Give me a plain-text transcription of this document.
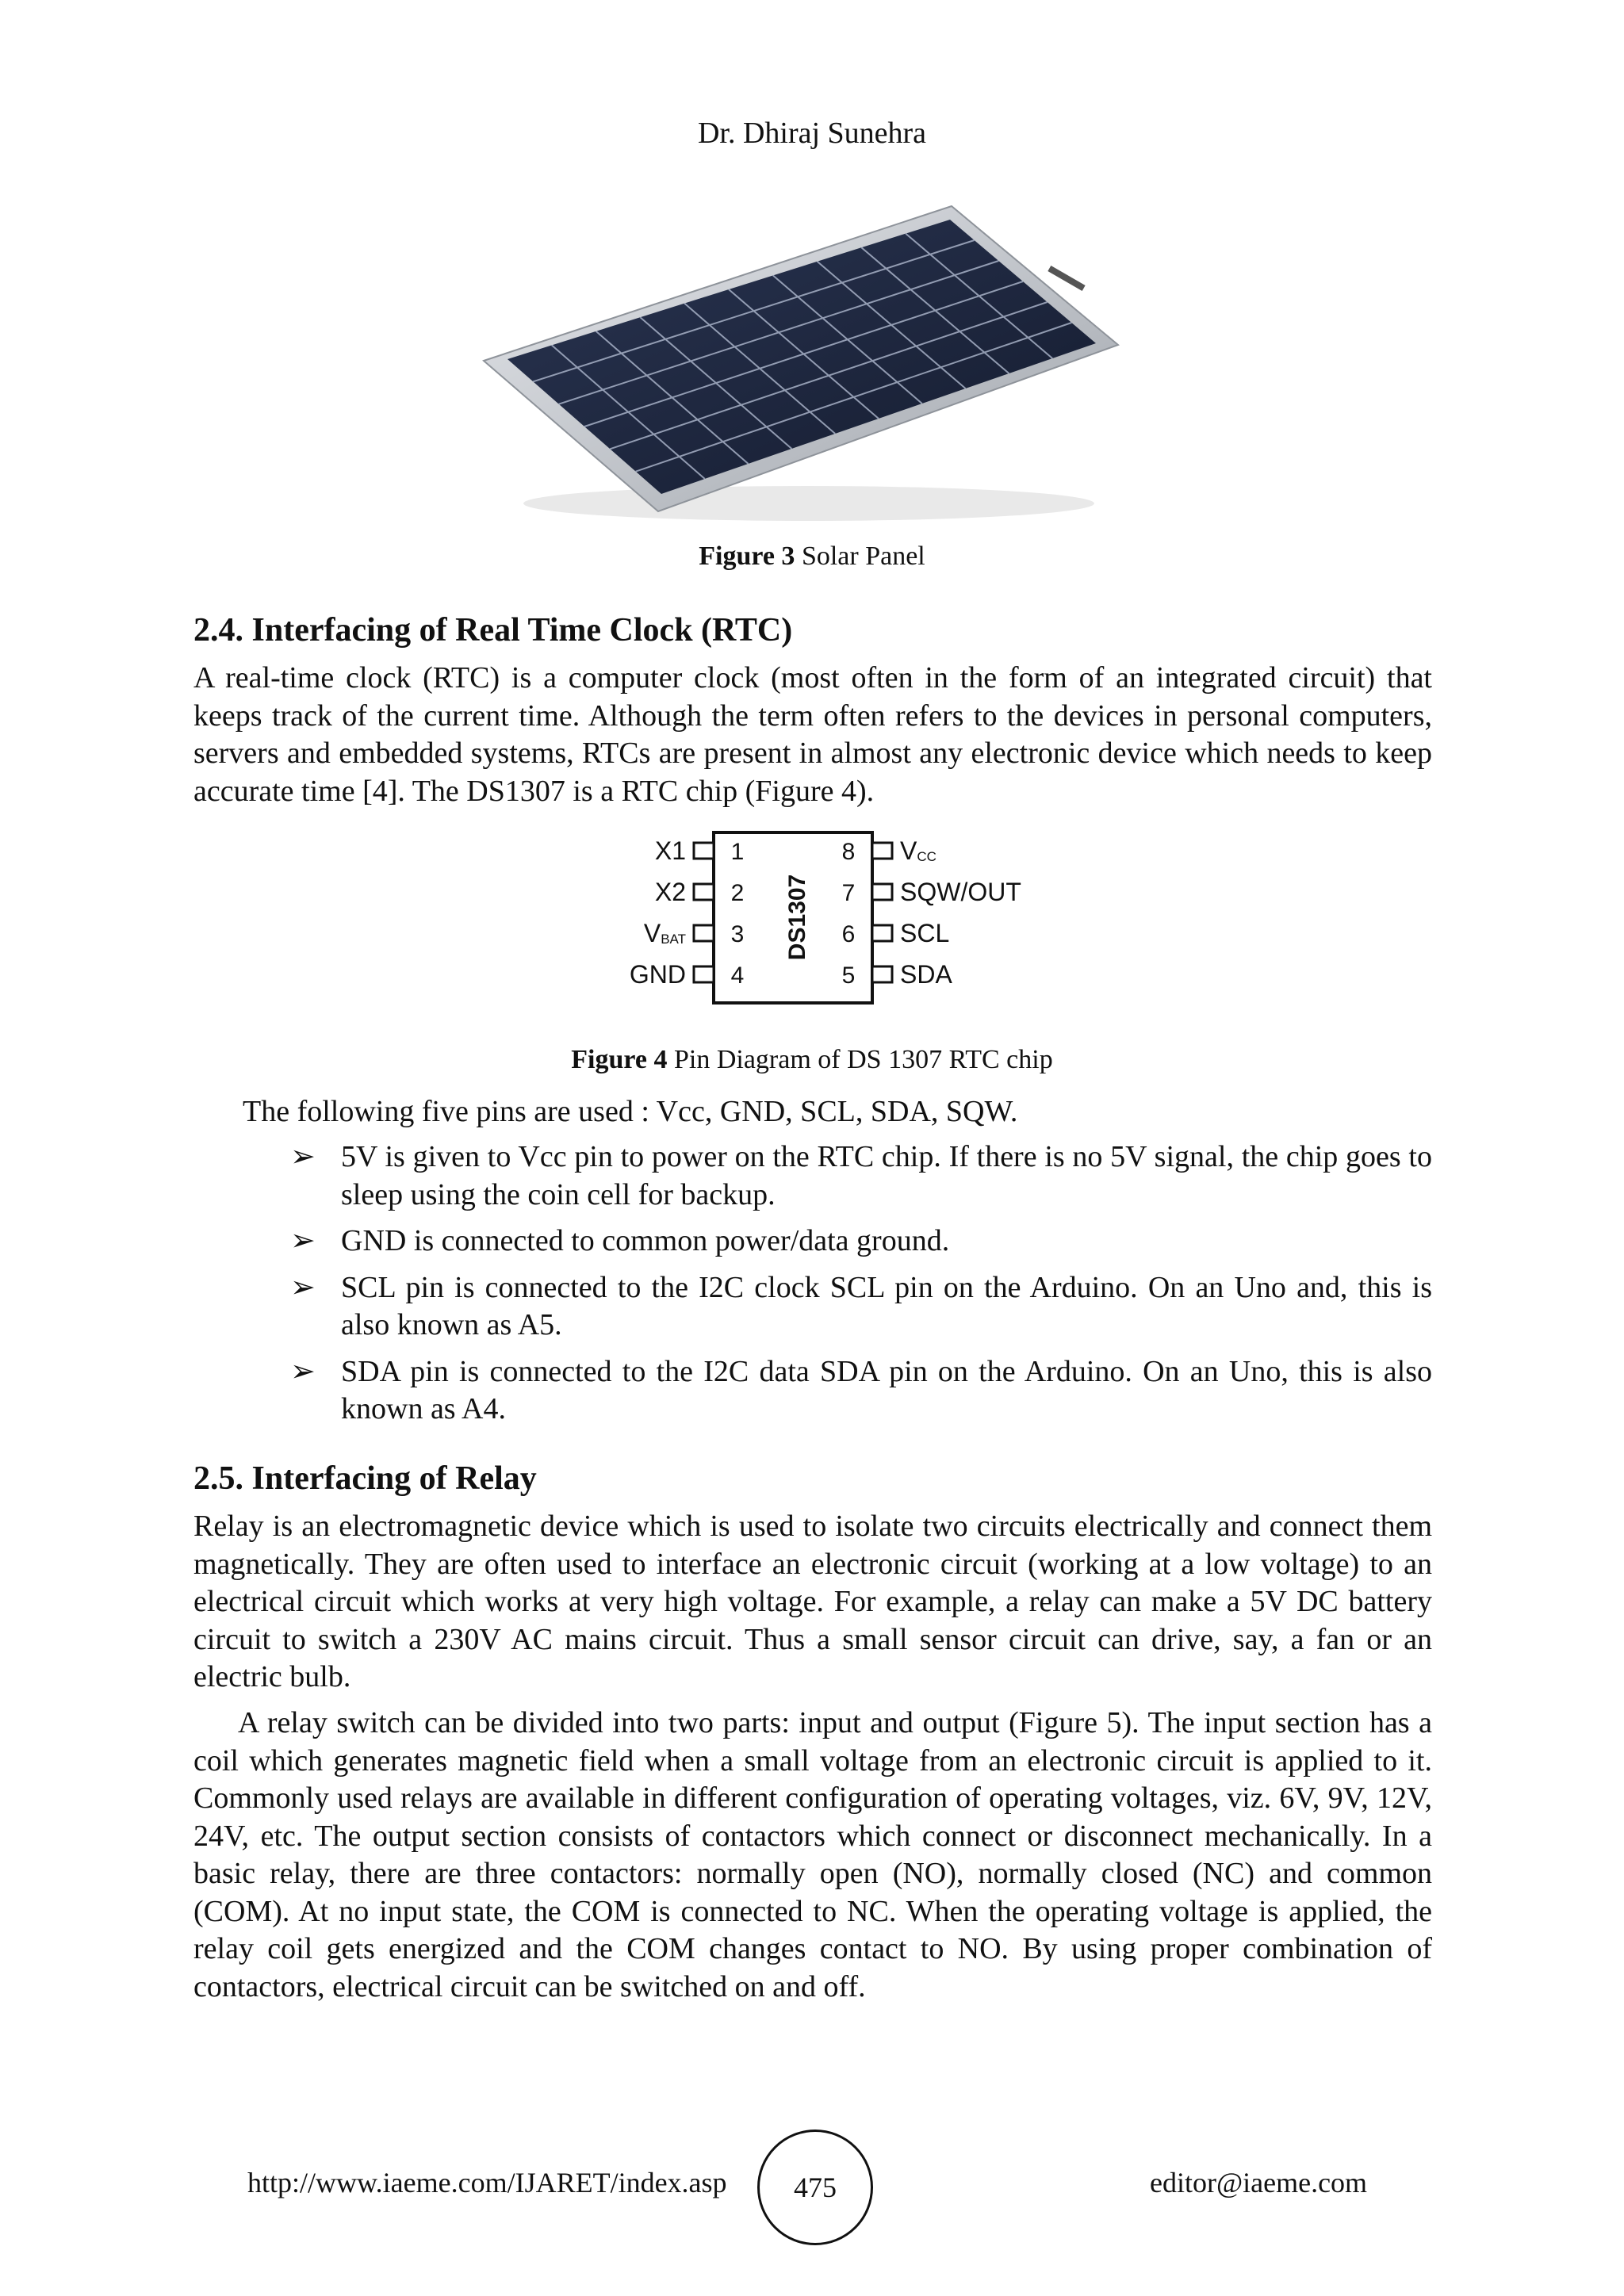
Dr. Dhiraj Sunehra
Figure 3 Solar Panel
2.4. Interfacing of Real Time Clock (RTC)
A real-time clock (RTC) is a computer clock (most often in the form of an integrated circuit) that keeps track of the current time. Although the term often refers to the devices in personal computers, servers and embedded systems, RTCs are present in almost any electronic device which needs to keep accurate time [4]. The DS1307 is a RTC chip (Figure 4).
1
X1
2
X2
3
VBAT
4
GND
8 VCC
7 SQW/OUT
6 SCL
5 SDA
DS1307
Figure 4 Pin Diagram of DS 1307 RTC chip
The following five pins are used : Vcc, GND, SCL, SDA, SQW.
➢ 5V is given to Vcc pin to power on the RTC chip. If there is no 5V signal, the chip goes to sleep using the coin cell for backup.
➢ GND is connected to common power/data ground.
➢ SCL pin is connected to the I2C clock SCL pin on the Arduino. On an Uno and, this is also known as A5.
➢ SDA pin is connected to the I2C data SDA pin on the Arduino. On an Uno, this is also known as A4.
2.5. Interfacing of Relay
Relay is an electromagnetic device which is used to isolate two circuits electrically and connect them magnetically. They are often used to interface an electronic circuit (working at a low voltage) to an electrical circuit which works at very high voltage. For example, a relay can make a 5V DC battery circuit to switch a 230V AC mains circuit. Thus a small sensor circuit can drive, say, a fan or an electric bulb.
A relay switch can be divided into two parts: input and output (Figure 5). The input section has a coil which generates magnetic field when a small voltage from an electronic circuit is applied to it. Commonly used relays are available in different configuration of operating voltages, viz. 6V, 9V, 12V, 24V, etc. The output section consists of contactors which connect or disconnect mechanically. In a basic relay, there are three contactors: normally open (NO), normally closed (NC) and common (COM). At no input state, the COM is connected to NC. When the operating voltage is applied, the relay coil gets energized and the COM changes contact to NO. By using proper combination of contactors, electrical circuit can be switched on and off.
http://www.iaeme.com/IJARET/index.asp	475	editor@iaeme.com
